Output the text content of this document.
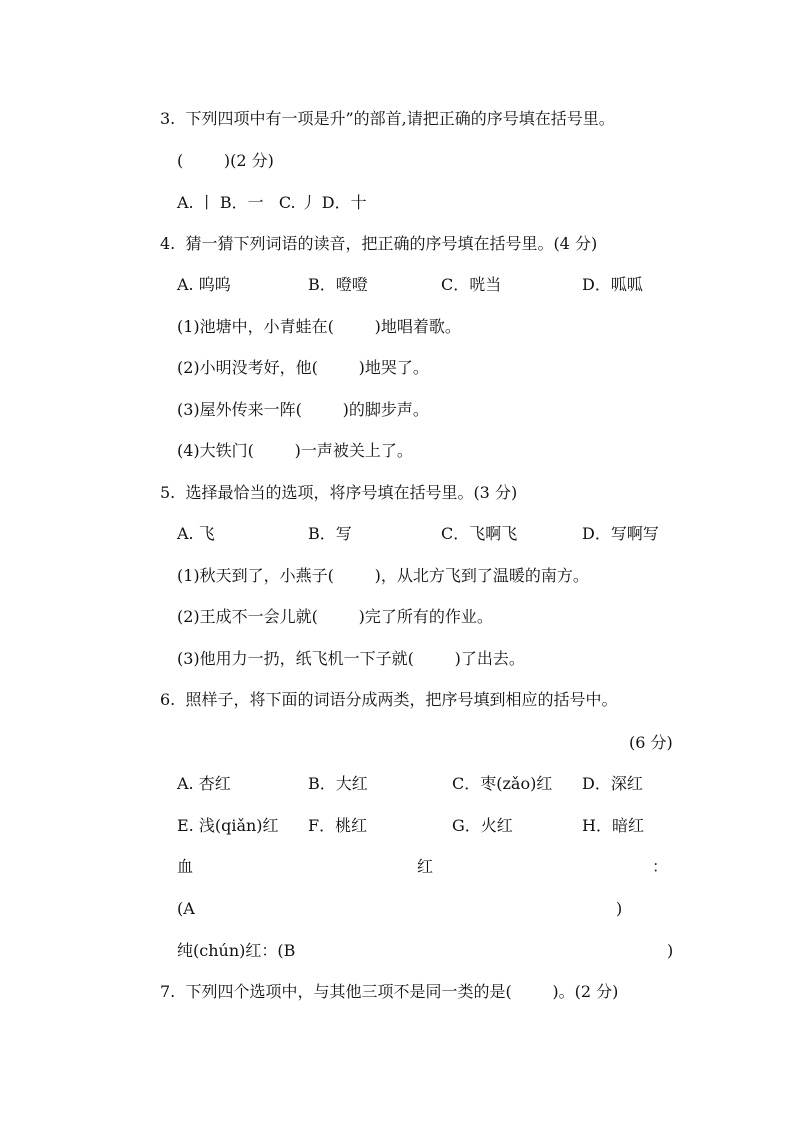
3.  下列四项中有一项是升”的部首,请把正确的序号填在括号里。
(        )(2 分)
A. 丨 B．一   C. 丿 D．十
4.  猜一猜下列词语的读音，把正确的序号填在括号里。(4 分)
A. 呜呜	B．噔噔	C．咣当	D．呱呱
(1)池塘中，小青蛙在(        )地唱着歌。
(2)小明没考好，他(        )地哭了。
(3)屋外传来一阵(        )的脚步声。
(4)大铁门(        )一声被关上了。
5.  选择最恰当的选项，将序号填在括号里。(3 分)
A. 飞	B．写	C．飞啊飞	D．写啊写
(1)秋天到了，小燕子(        )，从北方飞到了温暖的南方。
(2)王成不一会儿就(        )完了所有的作业。
(3)他用力一扔，纸飞机一下子就(        )了出去。
6.  照样子，将下面的词语分成两类，把序号填到相应的括号中。
(6 分)
A. 杏红	B．大红	C．枣(zǎo)红 D．深红
E. 浅(qiǎn)红 F．桃红	G．火红	H．暗红
血	红	：
(A	)
纯(chún)红：(B	)
7.  下列四个选项中，与其他三项不是同一类的是(        )。(2 分)
